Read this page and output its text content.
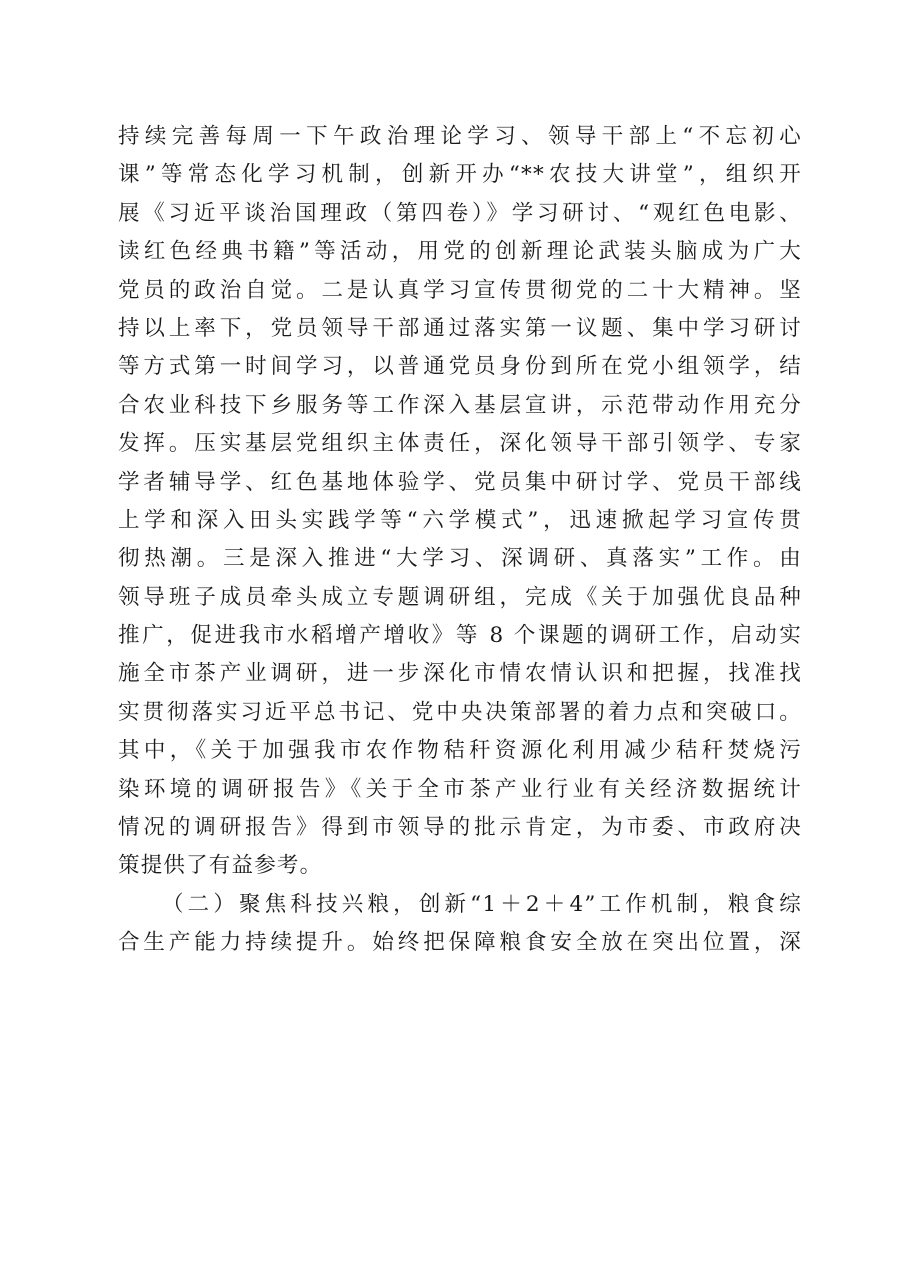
持续完善每周一下午政治理论学习、领导干部上“不忘初心
课”等常态化学习机制，创新开办“**农技大讲堂”，组织开
展《习近平谈治国理政（第四卷）》学习研讨、“观红色电影、
读红色经典书籍”等活动，用党的创新理论武装头脑成为广大
党员的政治自觉。二是认真学习宣传贯彻党的二十大精神。坚
持以上率下，党员领导干部通过落实第一议题、集中学习研讨
等方式第一时间学习，以普通党员身份到所在党小组领学，结
合农业科技下乡服务等工作深入基层宣讲，示范带动作用充分
发挥。压实基层党组织主体责任，深化领导干部引领学、专家
学者辅导学、红色基地体验学、党员集中研讨学、党员干部线
上学和深入田头实践学等“六学模式”，迅速掀起学习宣传贯
彻热潮。三是深入推进“大学习、深调研、真落实”工作。由
领导班子成员牵头成立专题调研组，完成《关于加强优良品种
推广，促进我市水稻增产增收》等 8 个课题的调研工作，启动实
施全市茶产业调研，进一步深化市情农情认识和把握，找准找
实贯彻落实习近平总书记、党中央决策部署的着力点和突破口。
其中，《关于加强我市农作物秸秆资源化利用减少秸秆焚烧污
染环境的调研报告》《关于全市茶产业行业有关经济数据统计
情况的调研报告》得到市领导的批示肯定，为市委、市政府决
策提供了有益参考。
（二）聚焦科技兴粮，创新“1＋2＋4”工作机制，粮食综
合生产能力持续提升。始终把保障粮食安全放在突出位置，深
